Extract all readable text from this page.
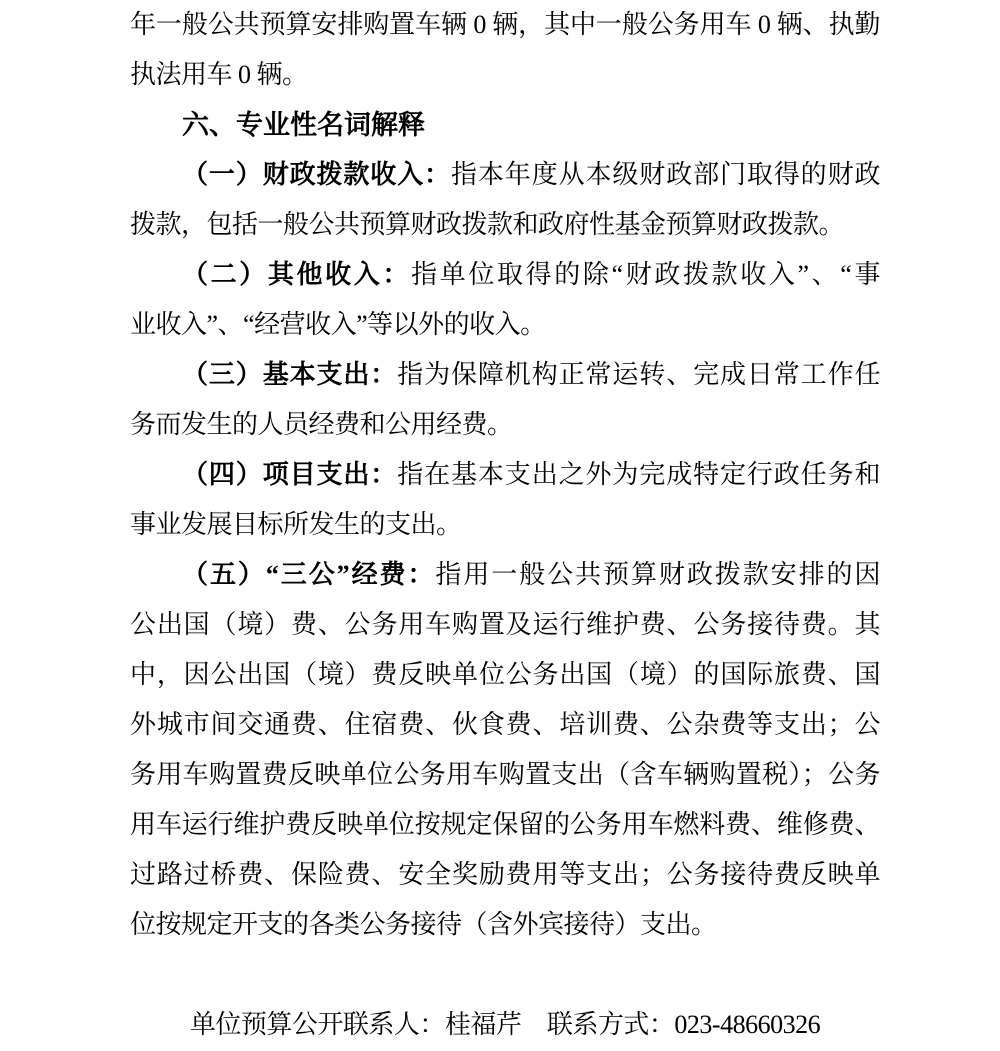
年一般公共预算安排购置车辆 0 辆，其中一般公务用车 0 辆、执勤
执法用车 0 辆。
六、专业性名词解释
（一）财政拨款收入：指本年度从本级财政部门取得的财政
拨款，包括一般公共预算财政拨款和政府性基金预算财政拨款。
（二）其他收入：指单位取得的除“财政拨款收入”、“事
业收入”、“经营收入”等以外的收入。
（三）基本支出：指为保障机构正常运转、完成日常工作任
务而发生的人员经费和公用经费。
（四）项目支出：指在基本支出之外为完成特定行政任务和
事业发展目标所发生的支出。
（五）“三公”经费：指用一般公共预算财政拨款安排的因
公出国（境）费、公务用车购置及运行维护费、公务接待费。其
中，因公出国（境）费反映单位公务出国（境）的国际旅费、国
外城市间交通费、住宿费、伙食费、培训费、公杂费等支出；公
务用车购置费反映单位公务用车购置支出（含车辆购置税）；公务
用车运行维护费反映单位按规定保留的公务用车燃料费、维修费、
过路过桥费、保险费、安全奖励费用等支出；公务接待费反映单
位按规定开支的各类公务接待（含外宾接待）支出。
单位预算公开联系人：桂福芹　联系方式：023-48660326
